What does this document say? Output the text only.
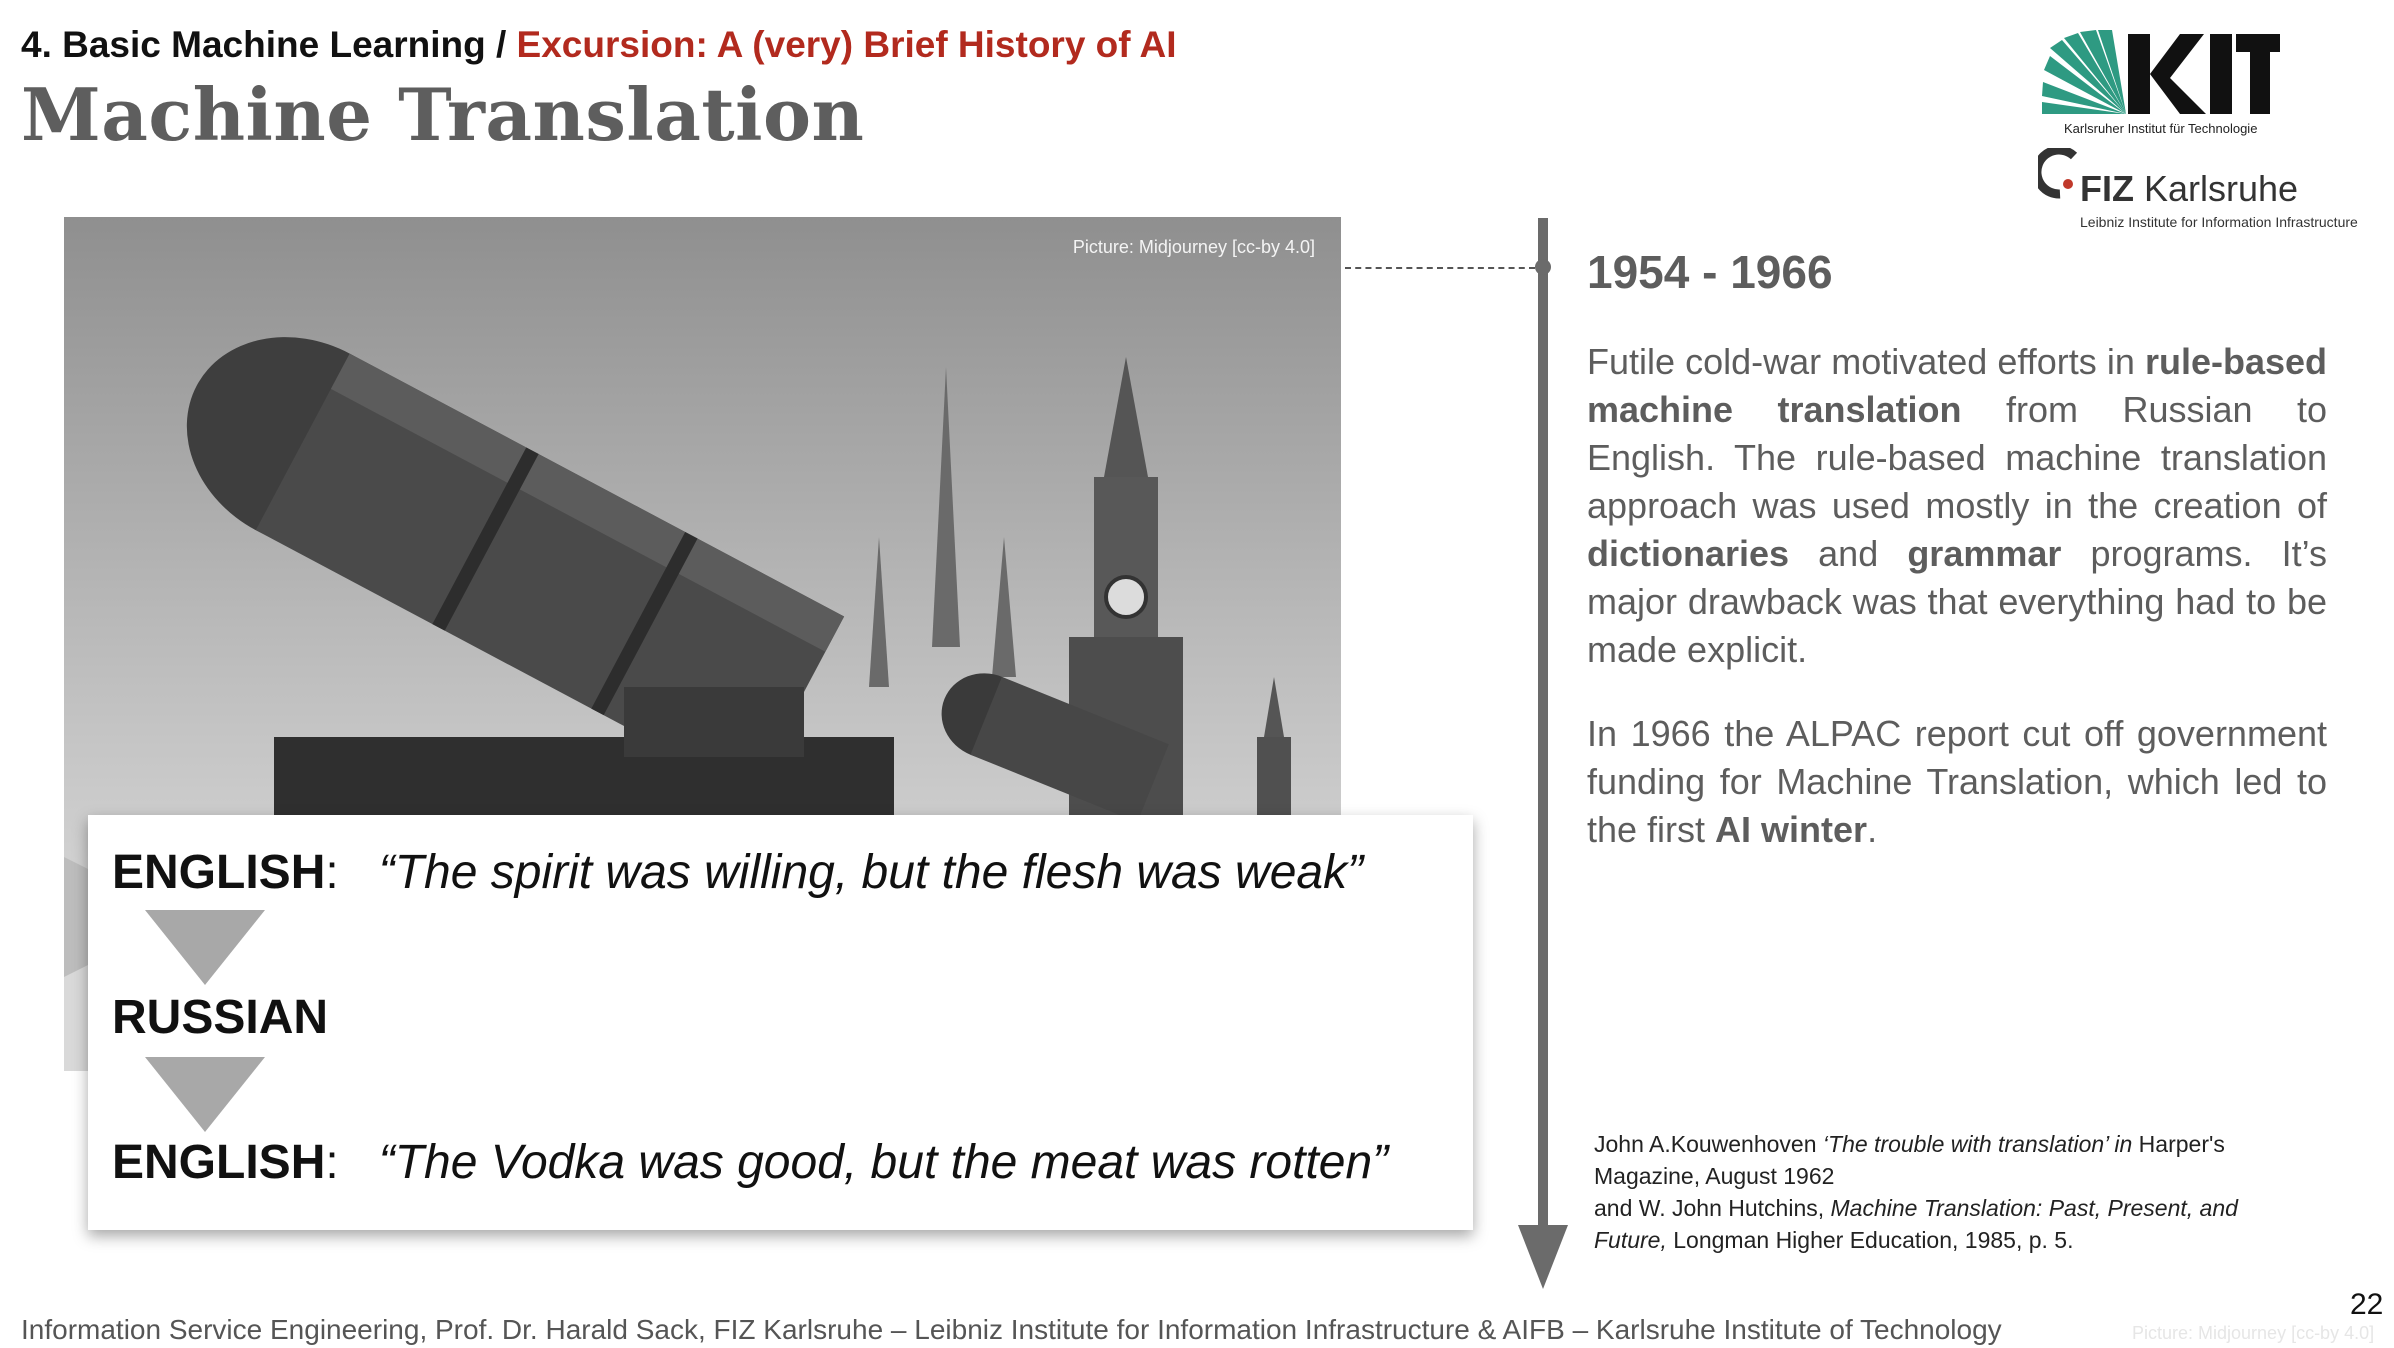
4. Basic Machine Learning / Excursion: A (very) Brief History of AI
Machine Translation	Karlsruher Institut für Technologie
FIZ Karlsruhe
Leibniz Institute for Information Infrastructure
Picture: Midjourney [cc-by 4.0]
ENGLISH: “The spirit was willing, but the flesh was weak”
RUSSIAN
ENGLISH: “The Vodka was good, but the meat was rotten”
1954 - 1966
Futile cold-war motivated efforts in rule-based machine translation from Russian to English. The rule-based machine translation approach was used mostly in the creation of dictionaries and grammar programs. It’s major drawback was that everything had to be made explicit.
In 1966 the ALPAC report cut off government funding for Machine Translation, which led to the first AI winter.
John A.Kouwenhoven ‘The trouble with translation’ in Harper's Magazine, August 1962
and W. John Hutchins, Machine Translation: Past, Present, and Future, Longman Higher Education, 1985, p. 5.
Information Service Engineering, Prof. Dr. Harald Sack, FIZ Karlsruhe – Leibniz Institute for Information Infrastructure & AIFB – Karlsruhe Institute of Technology
22
Picture: Midjourney [cc-by 4.0]
